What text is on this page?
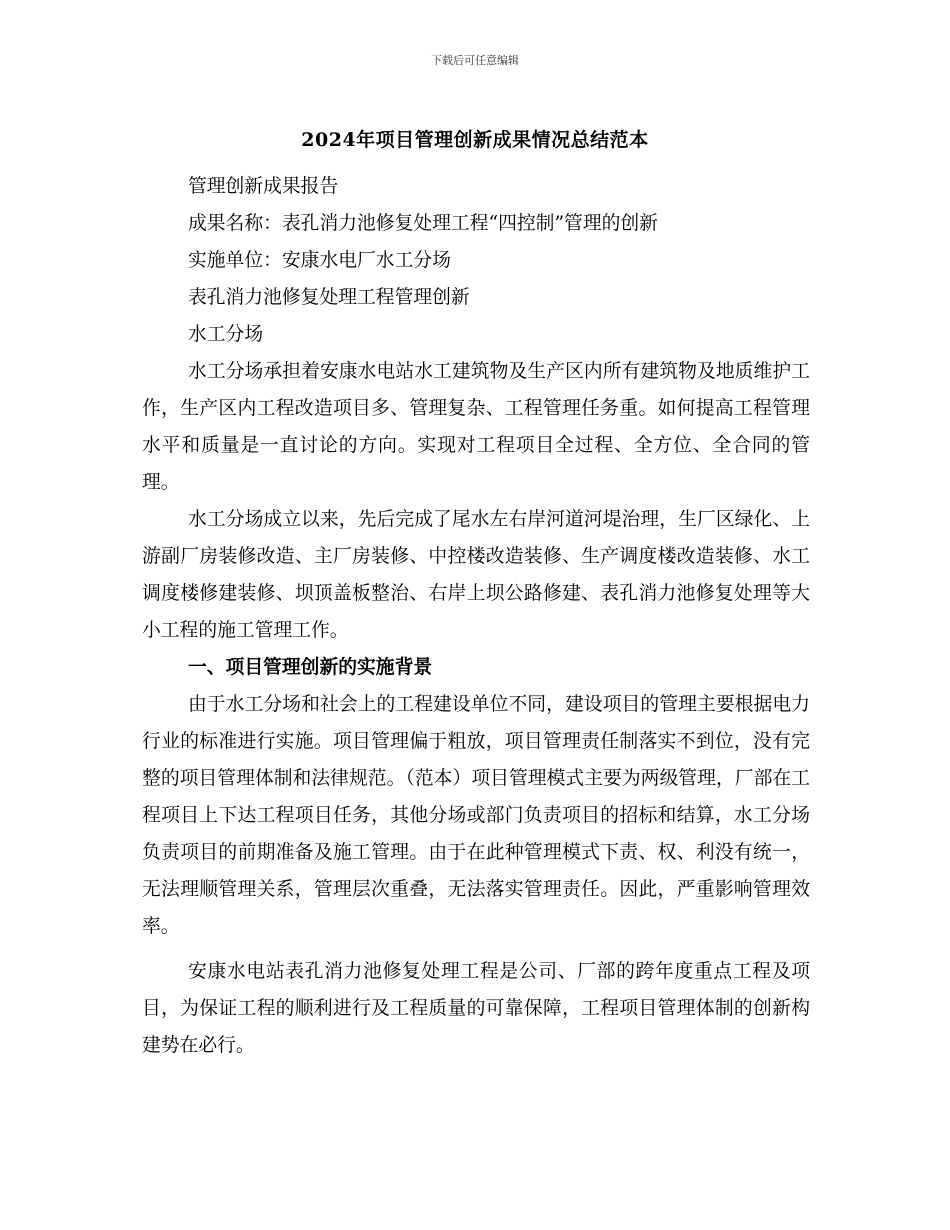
下载后可任意编辑
2024年项目管理创新成果情况总结范本

管理创新成果报告

成果名称：表孔消力池修复处理工程“四控制”管理的创新

实施单位：安康水电厂水工分场

表孔消力池修复处理工程管理创新

水工分场

水工分场承担着安康水电站水工建筑物及生产区内所有建筑物及地质维护工作，生产区内工程改造项目多、管理复杂、工程管理任务重。如何提高工程管理水平和质量是一直讨论的方向。实现对工程项目全过程、全方位、全合同的管理。

水工分场成立以来，先后完成了尾水左右岸河道河堤治理，生厂区绿化、上游副厂房装修改造、主厂房装修、中控楼改造装修、生产调度楼改造装修、水工调度楼修建装修、坝顶盖板整治、右岸上坝公路修建、表孔消力池修复处理等大小工程的施工管理工作。

一、项目管理创新的实施背景

由于水工分场和社会上的工程建设单位不同，建设项目的管理主要根据电力行业的标准进行实施。项目管理偏于粗放，项目管理责任制落实不到位，没有完整的项目管理体制和法律规范。（范本）项目管理模式主要为两级管理，厂部在工程项目上下达工程项目任务，其他分场或部门负责项目的招标和结算，水工分场负责项目的前期准备及施工管理。由于在此种管理模式下责、权、利没有统一，无法理顺管理关系，管理层次重叠，无法落实管理责任。因此，严重影响管理效率。

安康水电站表孔消力池修复处理工程是公司、厂部的跨年度重点工程及项目，为保证工程的顺利进行及工程质量的可靠保障，工程项目管理体制的创新构建势在必行。
